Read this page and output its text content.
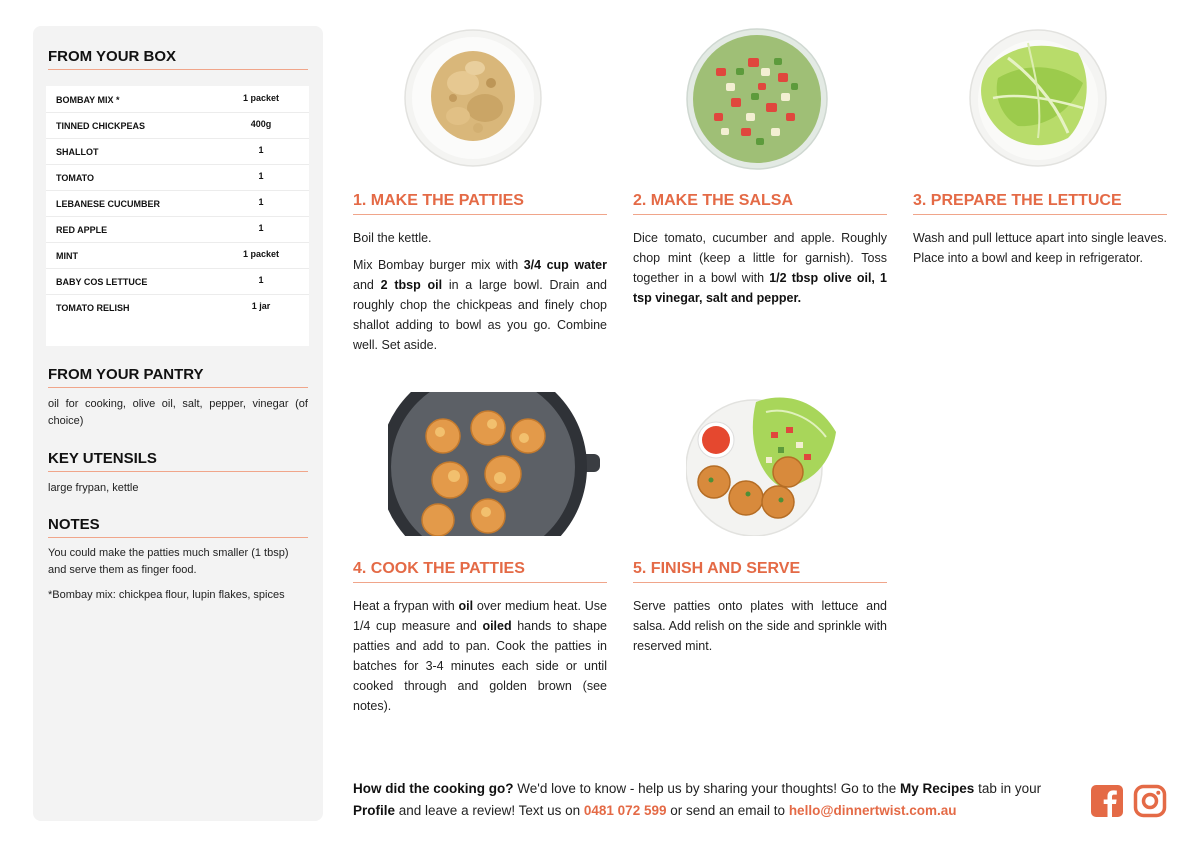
FROM YOUR BOX
BOMBAY MIX *	1 packet
TINNED CHICKPEAS	400g
SHALLOT	1
TOMATO	1
LEBANESE CUCUMBER	1
RED APPLE	1
MINT	1 packet
BABY COS LETTUCE	1
TOMATO RELISH	1 jar
FROM YOUR PANTRY
oil for cooking, olive oil, salt, pepper, vinegar (of choice)
KEY UTENSILS
large frypan, kettle
NOTES
You could make the patties much smaller (1 tbsp) and serve them as finger food.
*Bombay mix: chickpea flour, lupin flakes, spices
1. MAKE THE PATTIES

Boil the kettle.

Mix Bombay burger mix with 3/4 cup water and 2 tbsp oil in a large bowl. Drain and roughly chop the chickpeas and finely chop shallot adding to bowl as you go. Combine well. Set aside.

2. MAKE THE SALSA

Dice tomato, cucumber and apple. Roughly chop mint (keep a little for garnish). Toss together in a bowl with 1/2 tbsp olive oil, 1 tsp vinegar, salt and pepper.

3. PREPARE THE LETTUCE

Wash and pull lettuce apart into single leaves. Place into a bowl and keep in refrigerator.

4. COOK THE PATTIES

Heat a frypan with oil over medium heat. Use 1/4 cup measure and oiled hands to shape patties and add to pan. Cook the patties in batches for 3-4 minutes each side or until cooked through and golden brown (see notes).

5. FINISH AND SERVE

Serve patties onto plates with lettuce and salsa. Add relish on the side and sprinkle with reserved mint.

How did the cooking go? We'd love to know - help us by sharing your thoughts! Go to the My Recipes tab in your Profile and leave a review! Text us on 0481 072 599 or send an email to hello@dinnertwist.com.au
